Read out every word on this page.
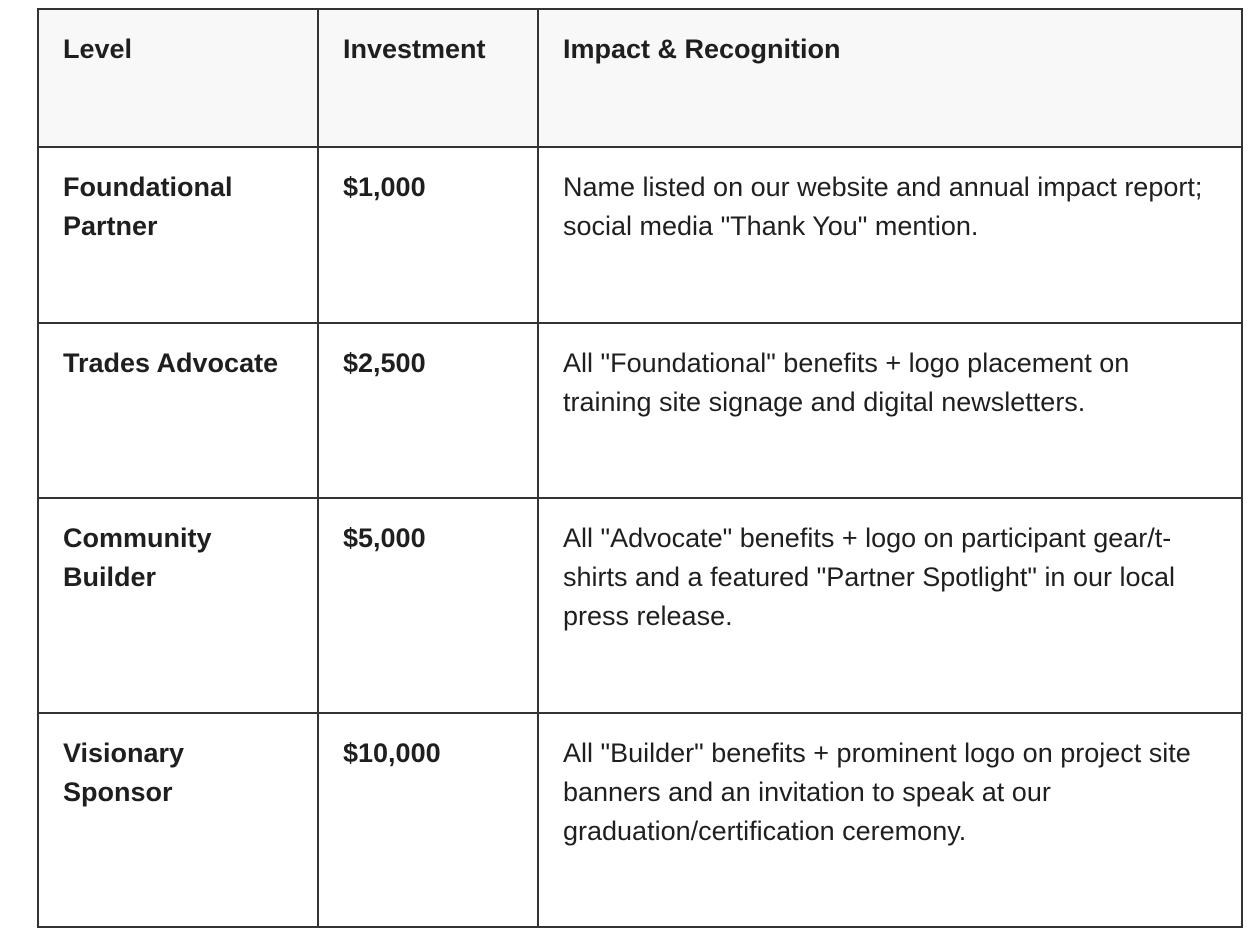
Level	Investment	Impact & Recognition
Foundational Partner	$1,000	Name listed on our website and annual impact report; social media "Thank You" mention.
Trades Advocate	$2,500	All "Foundational" benefits + logo placement on training site signage and digital newsletters.
Community Builder	$5,000	All "Advocate" benefits + logo on participant gear/t-shirts and a featured "Partner Spotlight" in our local press release.
Visionary Sponsor	$10,000	All "Builder" benefits + prominent logo on project site banners and an invitation to speak at our graduation/certification ceremony.
